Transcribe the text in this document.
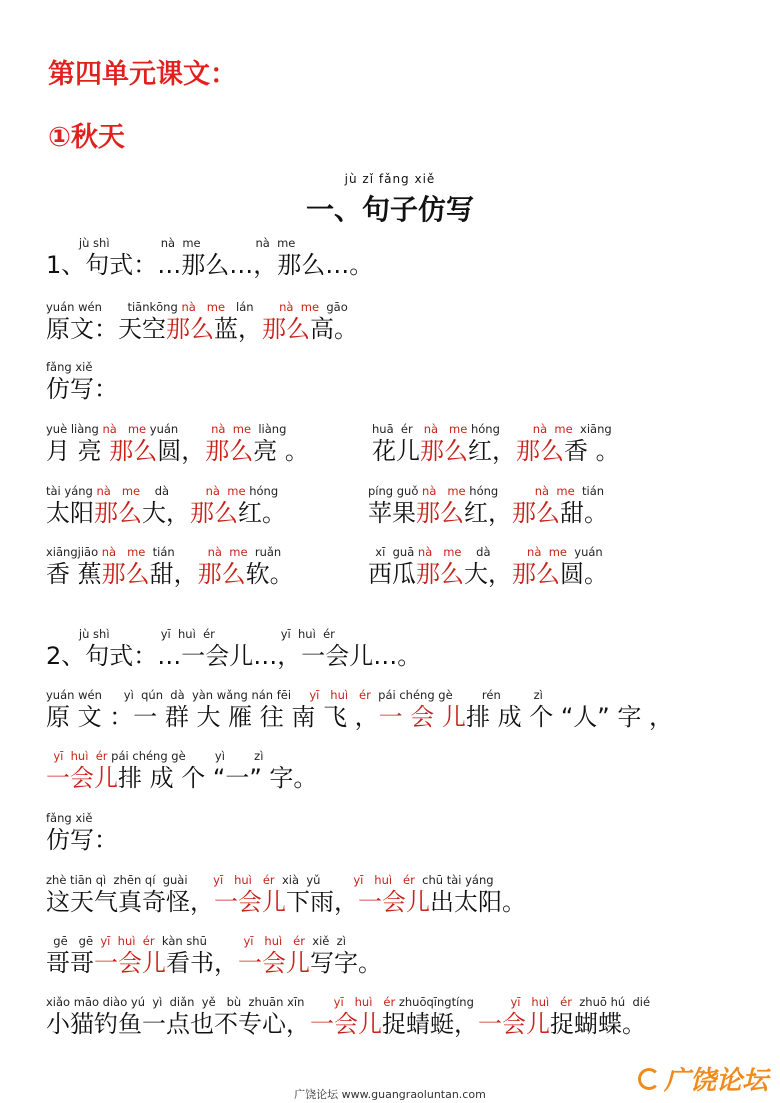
第四单元课文：
①秋天
jù zǐ fǎng xiě
一、句子仿写
jù shì              nà  me               nà  me
1、句式：…那么…，那么…。
yuán wén       tiānkōng nà   me   lán       nà  me  gāo
原文：天空那么蓝，那么高。
fǎng xiě
仿写：
yuè liàng nà   me yuán         nà  me  liàng
月 亮 那么圆，那么亮 。
huā  ér   nà   me hóng         nà  me  xiāng
花儿那么红，那么香 。
tài yáng nà   me    dà          nà  me hóng
太阳那么大，那么红。
píng guǒ nà   me hóng          nà  me  tián
苹果那么红，那么甜。
xiāngjiāo nà   me  tián         nà  me  ruǎn
香 蕉那么甜，那么软。
xī  guā nà   me    dà          nà  me  yuán
西瓜那么大，那么圆。
jù shì              yī  huì  ér                  yī  huì  ér
2、句式：…一会儿…，一会儿…。
yuán wén      yì  qún  dà  yàn wǎng nán fēi     yī   huì   ér  pái chéng gè        rén         zì
原 文 ：一 群 大 雁 往 南 飞 ，一 会 儿排 成 个 “人” 字 ，
yī  huì  ér pái chéng gè        yì        zì
一会儿排 成 个 “一” 字。
fǎng xiě
仿写：
zhè tiān qì  zhēn qí  guài       yī   huì   ér  xià  yǔ         yī   huì   ér  chū tài yáng
这天气真奇怪，一会儿下雨，一会儿出太阳。
gē   gē  yī  huì  ér  kàn shū          yī   huì   ér  xiě  zì
哥哥一会儿看书，一会儿写字。
xiǎo māo diào yú  yì  diǎn  yě   bù  zhuān xīn        yī   huì   ér zhuōqīngtíng          yī   huì   ér  zhuō hú  dié
小猫钓鱼一点也不专心，一会儿捉蜻蜓，一会儿捉蝴蝶。
广饶论坛 www.guangraoluntan.com	广饶论坛
